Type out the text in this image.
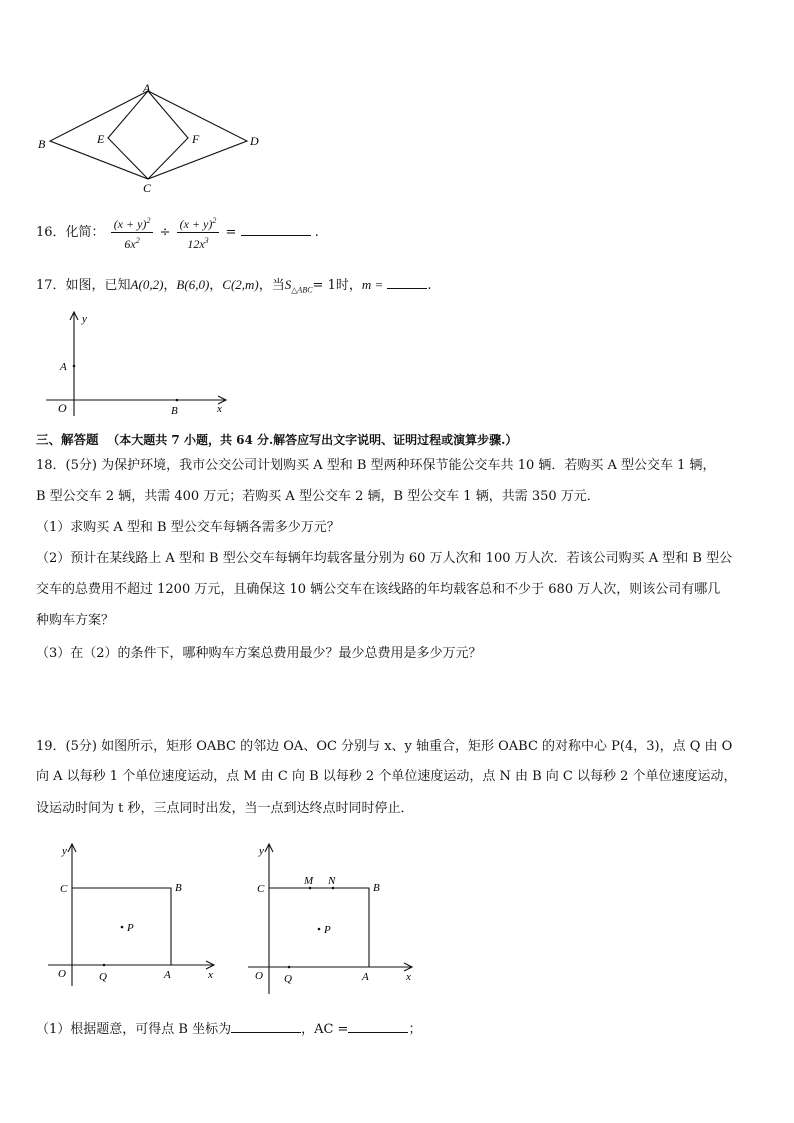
A
B	E	F	D
C
16．化简： $\frac{(x + y)^2}{6x^2} \div \frac{(x + y)^2}{12x^3}$ =	.
17．如图，已知A(0,2)，B(6,0)，C(2,m)，当$S_{\triangle ABC}= 1$时，m =	.
y
x
A
O	B
三、解答题 （本大题共 7 小题，共 64 分.解答应写出文字说明、证明过程或演算步骤.）
18．(5分) 为保护环境，我市公交公司计划购买 A 型和 B 型两种环保节能公交车共 10 辆．若购买 A 型公交车 1 辆，
B 型公交车 2 辆，共需 400 万元；若购买 A 型公交车 2 辆，B 型公交车 1 辆，共需 350 万元．
（1）求购买 A 型和 B 型公交车每辆各需多少万元？
（2）预计在某线路上 A 型和 B 型公交车每辆年均载客量分别为 60 万人次和 100 万人次．若该公司购买 A 型和 B 型公
交车的总费用不超过 1200 万元，且确保这 10 辆公交车在该线路的年均载客总和不少于 680 万人次，则该公司有哪几
种购车方案？
（3）在（2）的条件下，哪种购车方案总费用最少？最少总费用是多少万元？
19．(5分) 如图所示，矩形 OABC 的邻边 OA、OC 分别与 x、y 轴重合，矩形 OABC 的对称中心 P(4，3)，点 Q 由 O
向 A 以每秒 1 个单位速度运动，点 M 由 C 向 B 以每秒 2 个单位速度运动，点 N 由 B 向 C 以每秒 2 个单位速度运动，
设运动时间为 t 秒，三点同时出发，当一点到达终点时同时停止．
y
x
C	B
P
O	Q	A
y
x
C
M N
B
P
O Q	A
（1）根据题意，可得点 B 坐标为	，AC =	；
